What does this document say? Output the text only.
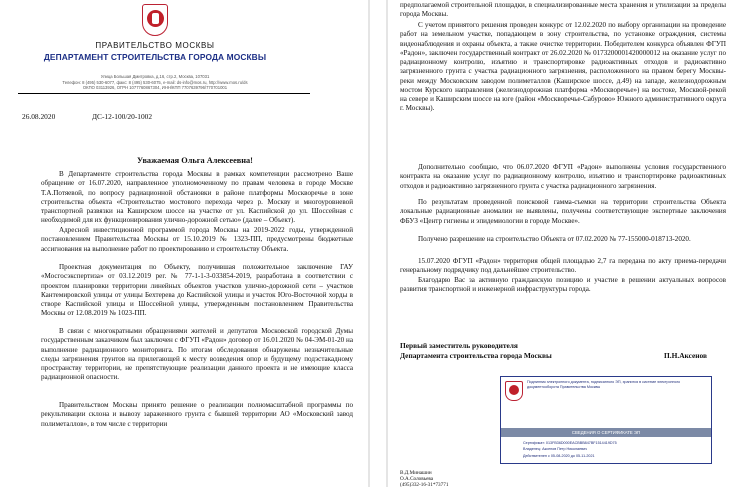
ПРАВИТЕЛЬСТВО МОСКВЫ
ДЕПАРТАМЕНТ СТРОИТЕЛЬСТВА ГОРОДА МОСКВЫ
Улица Большая Дмитровка, д.16, стр.2, Москва, 107031
Телефон: 8 (495) 530-6077, факс: 8 (495) 530-6075, e-mail: ds-info@mos.ru, http://www.mos.ru/ds
ОКПО 03113926, ОГРН 1077760867304, ИНН/КПП 7707639796/770701001
26.08.2020	ДС-12-100/20-1002
Уважаемая Ольга Алексеевна!
В Департаменте строительства города Москвы в рамках компетенции рассмотрено Ваше обращение от 16.07.2020, направленное уполномоченному по правам человека в городе Москве Т.А.Потяевой, по вопросу радиационной обстановки в районе платформы Москворечье в зоне строительства объекта «Строительство мостового перехода через р. Москву и многоуровневой транспортной развязки на Каширском шоссе на участке от ул. Каспийской до ул. Шоссейная с необходимой для их функционирования улично-дорожной сетью» (далее – Объект).
Адресной инвестиционной программой города Москвы на 2019-2022 годы, утвержденной постановлением Правительства Москвы от 15.10.2019 № 1323-ПП, предусмотрены бюджетные ассигнования на выполнение работ по проектированию и строительству Объекта.
Проектная документация по Объекту, получившая положительное заключение ГАУ «Мосгосэкспертиза» от 03.12.2019 рег. № 77-1-1-3-033854-2019, разработана в соответствии с проектом планировки территории линейных объектов участков улично-дорожной сети – участков Кантемировской улицы от улицы Бехтерева до Каспийской улицы и участок Юго-Восточной хорды в створе Каспийской улицы и Шоссейной улицы, утвержденным постановлением Правительства Москвы от 12.08.2019 № 1023-ПП.
В связи с многократными обращениями жителей и депутатов Московской городской Думы государственным заказчиком был заключен с ФГУП «Радон» договор от 16.01.2020 № 04-ЭМ-01-20 на выполнение радиационного мониторинга. По итогам обследования обнаружены незначительные следы загрязнения грунтов на прилегающей к месту возведения опор и будущему подэстакадному пространству территории, не препятствующие реализации данного проекта и не имеющие класса радиационной опасности.
Правительством Москвы принято решение о реализации полномасштабной программы по рекультивации склона и вывозу зараженного грунта с бывшей территории АО «Московский завод полиметаллов», в том числе с территории
предполагаемой строительной площадки, в специализированные места хранения и утилизации за пределы города Москвы.
С учетом принятого решения проведен конкурс от 12.02.2020 по выбору организации на проведение работ на земельном участке, попадающем в зону строительства, по установке ограждения, системы видеонаблюдения и охраны объекта, а также очистке территории. Победителем конкурса объявлен ФГУП «Радон», заключен государственный контракт от 26.02.2020 № 0173200001420000012 на оказание услуг по радиационному контролю, изъятию и транспортировке радиоактивных отходов и радиоактивно загрязненного грунта с участка радиационного загрязнения, расположенного на правом берегу Москвы-реки между Московским заводом полиметаллов (Каширское шоссе, д.49) на западе, железнодорожным мостом Курского направления (железнодорожная платформа «Москворечье») на востоке, Москвой-рекой на севере и Каширским шоссе на юге (район «Москворечье-Сабурово» Южного административного округа г. Москвы).
Дополнительно сообщаю, что 06.07.2020 ФГУП «Радон» выполнены условия государственного контракта на оказание услуг по радиационному контролю, изъятию и транспортировке радиоактивных отходов и радиоактивно загрязненного грунта с участка радиационного загрязнения.
По результатам проведенной поисковой гамма-съемки на территории строительства Объекта локальные радиационные аномалии не выявлены, получены соответствующие экспертные заключения ФБУЗ «Центр гигиены и эпидемиологии в городе Москве».
Получено разрешение на строительство Объекта от 07.02.2020 № 77-155000-018713-2020.
15.07.2020 ФГУП «Радон» территория общей площадью 2,7 га передана по акту приема-передачи генеральному подрядчику под дальнейшее строительство.
Благодарю Вас за активную гражданскую позицию и участие в решении актуальных вопросов развития транспортной и инженерной инфраструктуры города.
Первый заместитель руководителя
Департамента строительства города Москвы	П.Н.Аксенов
Подлинник электронного документа, подписанного ЭП, хранится в системе электронного документооборота Правительства Москвы
СВЕДЕНИЯ О СЕРТИФИКАТЕ ЭП
Сертификат: 013FB36D000EACBBB847BF1514419D75
Владелец: Аксенов Петр Николаевич
Действителен с 05-08-2020 до 05-11-2021
В.Д.Минашин
О.А.Соловьева
(495)332-16-31*73771
